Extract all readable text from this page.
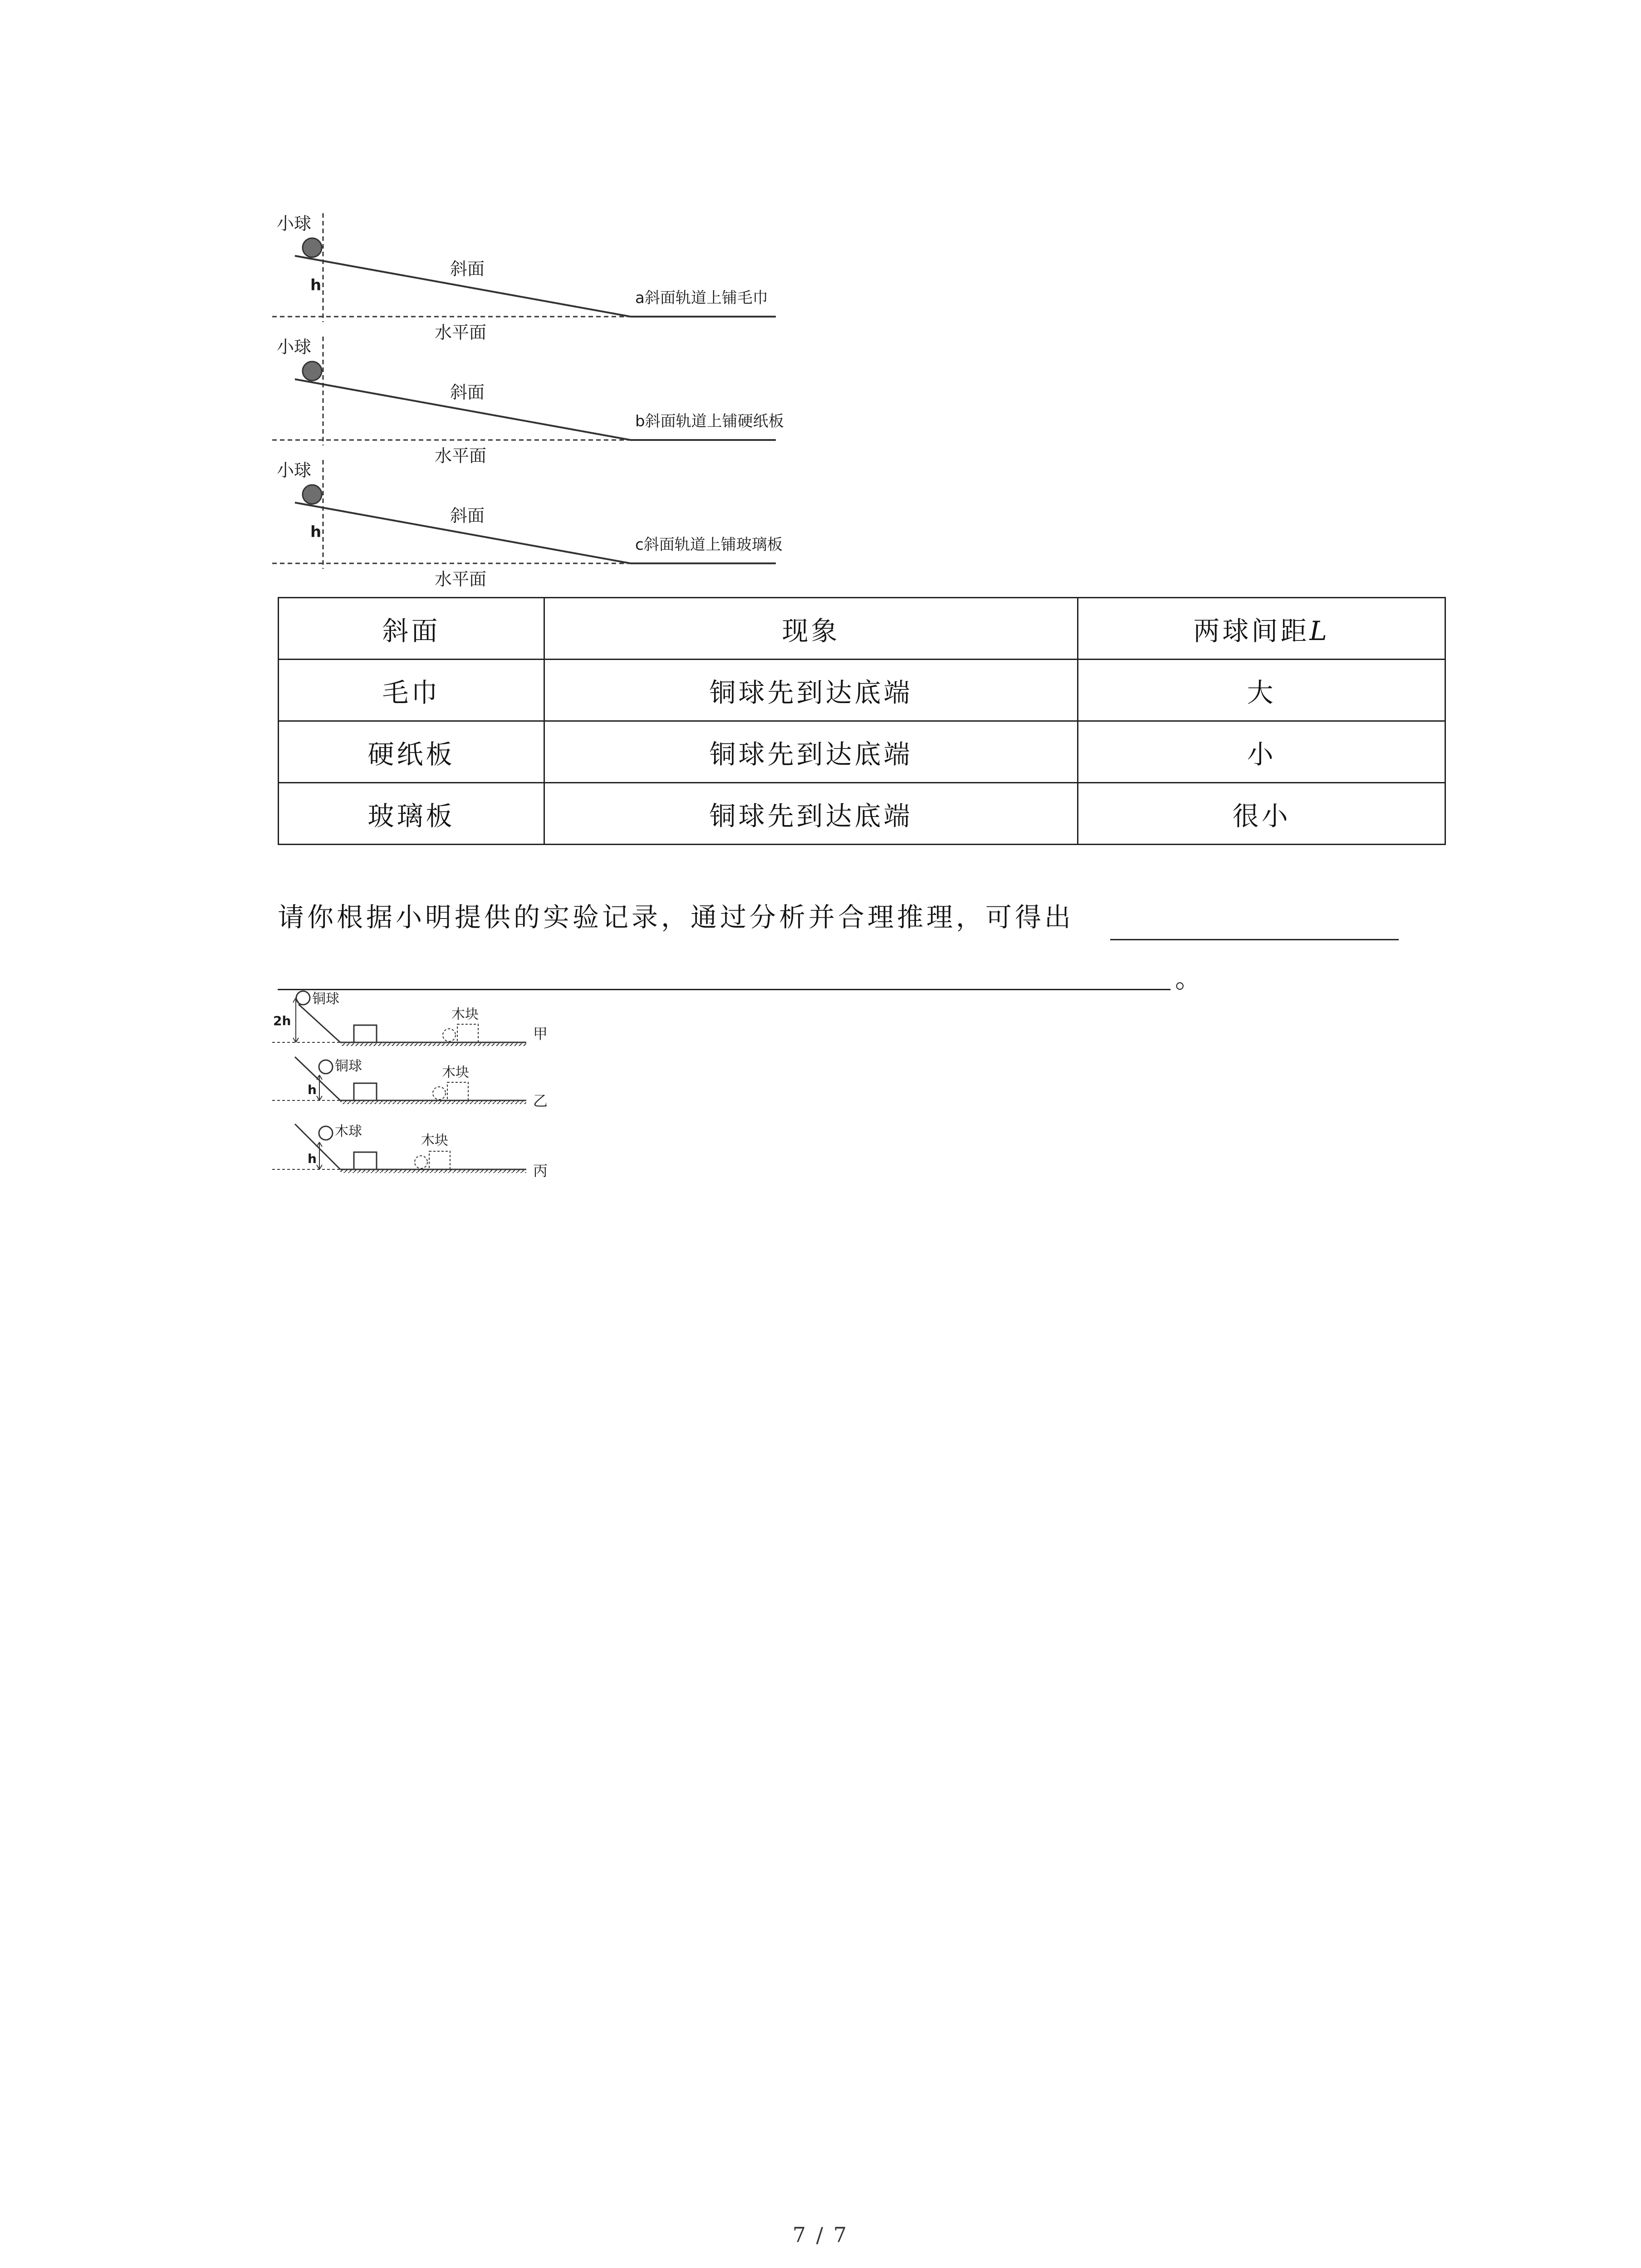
小球
h
斜面
a斜面轨道上铺毛巾
水平面
小球
斜面
b斜面轨道上铺硬纸板
水平面
小球
h
斜面
c斜面轨道上铺玻璃板
水平面
斜面	现象	两球间距L
毛巾	铜球先到达底端	大
硬纸板	铜球先到达底端	小
玻璃板	铜球先到达底端	很小
请你根据小明提供的实验记录，通过分析并合理推理，可得出
。
铜球
2h	木块
甲
铜球
h
木块
乙
木球
h
木块
丙
7 / 7
